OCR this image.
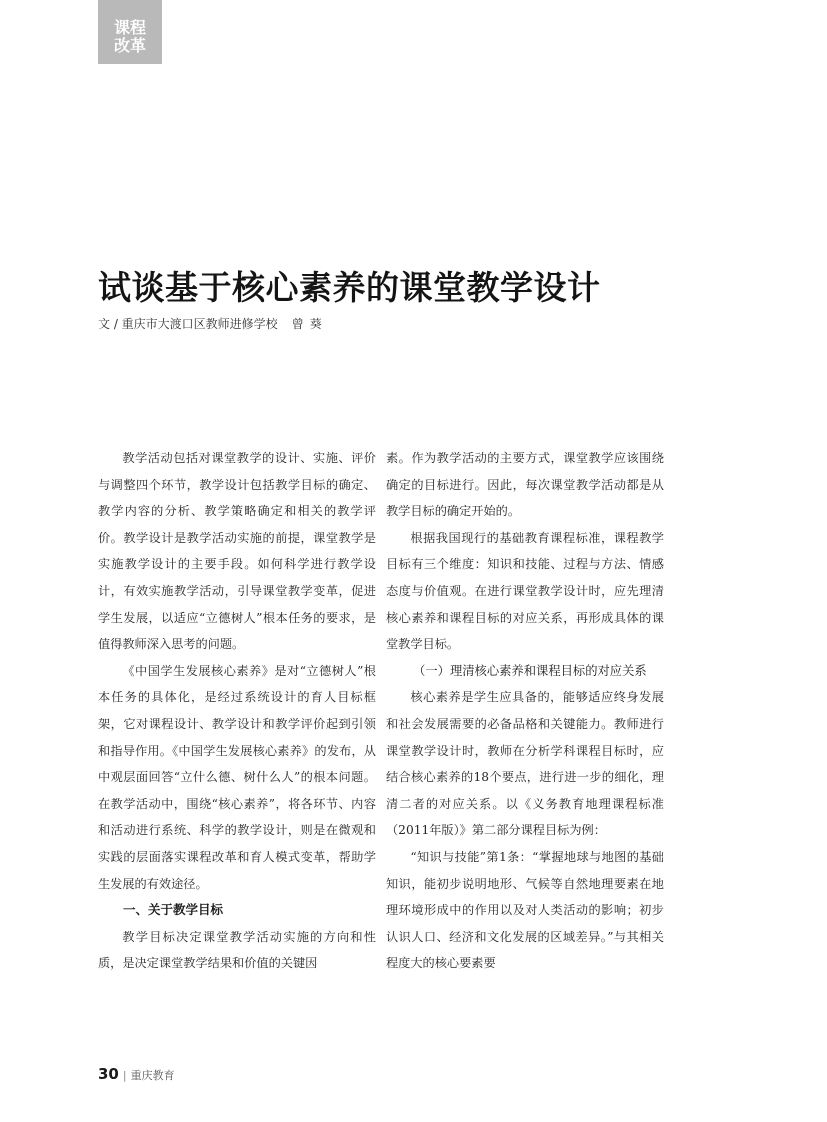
课程
改革
试谈基于核心素养的课堂教学设计
文 / 重庆市大渡口区教师进修学校 曾葵

教学活动包括对课堂教学的设计、实施、评价与调整四个环节，教学设计包括教学目标的确定、教学内容的分析、教学策略确定和相关的教学评价。教学设计是教学活动实施的前提，课堂教学是实施教学设计的主要手段。如何科学进行教学设计，有效实施教学活动，引导课堂教学变革，促进学生发展，以适应“立德树人”根本任务的要求，是值得教师深入思考的问题。

《中国学生发展核心素养》是对“立德树人”根本任务的具体化，是经过系统设计的育人目标框架，它对课程设计、教学设计和教学评价起到引领和指导作用。《中国学生发展核心素养》的发布，从中观层面回答“立什么德、树什么人”的根本问题。在教学活动中，围绕“核心素养”，将各环节、内容和活动进行系统、科学的教学设计，则是在微观和实践的层面落实课程改革和育人模式变革，帮助学生发展的有效途径。

一、关于教学目标

教学目标决定课堂教学活动实施的方向和性质，是决定课堂教学结果和价值的关键因

素。作为教学活动的主要方式，课堂教学应该围绕确定的目标进行。因此，每次课堂教学活动都是从教学目标的确定开始的。

根据我国现行的基础教育课程标准，课程教学目标有三个维度：知识和技能、过程与方法、情感态度与价值观。在进行课堂教学设计时，应先理清核心素养和课程目标的对应关系，再形成具体的课堂教学目标。

（一）理清核心素养和课程目标的对应关系

核心素养是学生应具备的，能够适应终身发展和社会发展需要的必备品格和关键能力。教师进行课堂教学设计时，教师在分析学科课程目标时，应结合核心素养的18个要点，进行进一步的细化，理清二者的对应关系。以《义务教育地理课程标准（2011年版）》第二部分课程目标为例：

“知识与技能”第1条：“掌握地球与地图的基础知识，能初步说明地形、气候等自然地理要素在地理环境形成中的作用以及对人类活动的影响；初步认识人口、经济和文化发展的区域差异。”与其相关程度大的核心要素要

30 | 重庆教育
